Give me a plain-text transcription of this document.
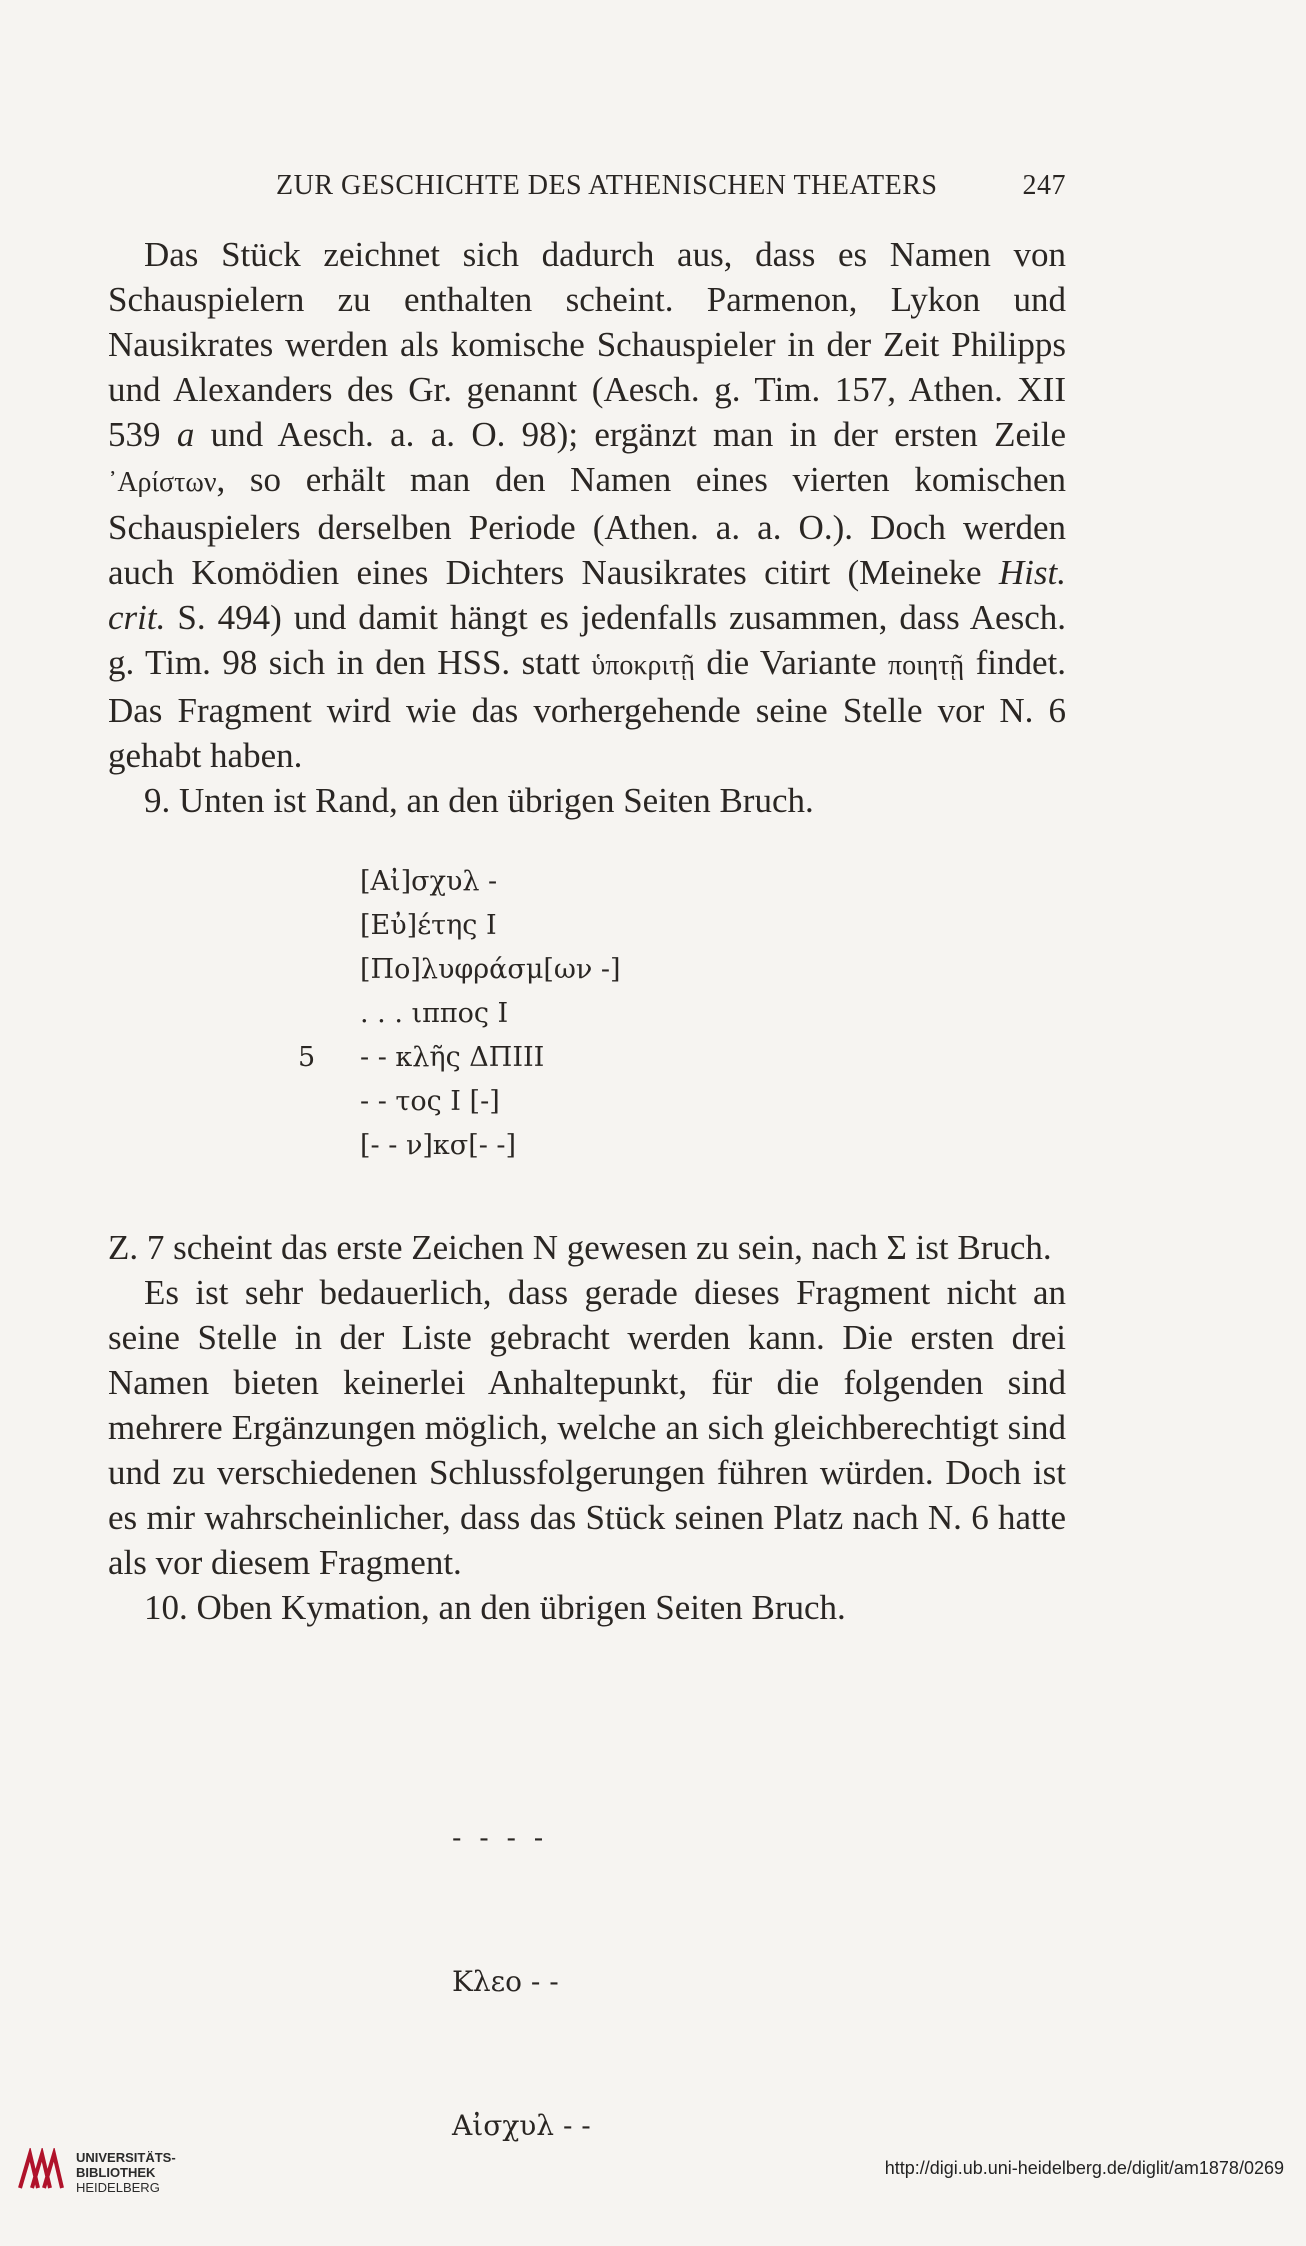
ZUR GESCHICHTE DES ATHENISCHEN THEATERS	247

Das Stück zeichnet sich dadurch aus, dass es Namen von Schauspielern zu enthalten scheint. Parmenon, Lykon und Nausikrates werden als komische Schauspieler in der Zeit Philipps und Alexanders des Gr. genannt (Aesch. g. Tim. 157, Athen. XII 539 a und Aesch. a. a. O. 98); ergänzt man in der ersten Zeile ᾿Αρίστων, so erhält man den Namen eines vierten komischen Schauspielers derselben Periode (Athen. a. a. O.). Doch werden auch Komödien eines Dichters Nausikrates citirt (Meineke Hist. crit. S. 494) und damit hängt es jedenfalls zusammen, dass Aesch. g. Tim. 98 sich in den HSS. statt ὑποκριτῇ die Variante ποιητῇ findet. Das Fragment wird wie das vorhergehende seine Stelle vor N. 6 gehabt haben.

9. Unten ist Rand, an den übrigen Seiten Bruch.

[Αἰ]σχυλ -
[Εὐ]έτης Ι
[Πο]λυφράσμ[ων -]
. . . ιππος Ι
5 - - κλῆς ΔΠΙΙΙ
- - τος Ι [-]
[- - ν]κσ[- -]

Z. 7 scheint das erste Zeichen N gewesen zu sein, nach Σ ist Bruch.

Es ist sehr bedauerlich, dass gerade dieses Fragment nicht an seine Stelle in der Liste gebracht werden kann. Die ersten drei Namen bieten keinerlei Anhaltepunkt, für die folgenden sind mehrere Ergänzungen möglich, welche an sich gleichberechtigt sind und zu verschiedenen Schlussfolgerungen führen würden. Doch ist es mir wahrscheinlicher, dass das Stück seinen Platz nach N. 6 hatte als vor diesem Fragment.

10. Oben Kymation, an den übrigen Seiten Bruch.

-  -  -  -

Κλεο - -

Αἰσχυλ - -

UNIVERSITÄTS-
BIBLIOTHEK
HEIDELBERG
http://digi.ub.uni-heidelberg.de/diglit/am1878/0269
